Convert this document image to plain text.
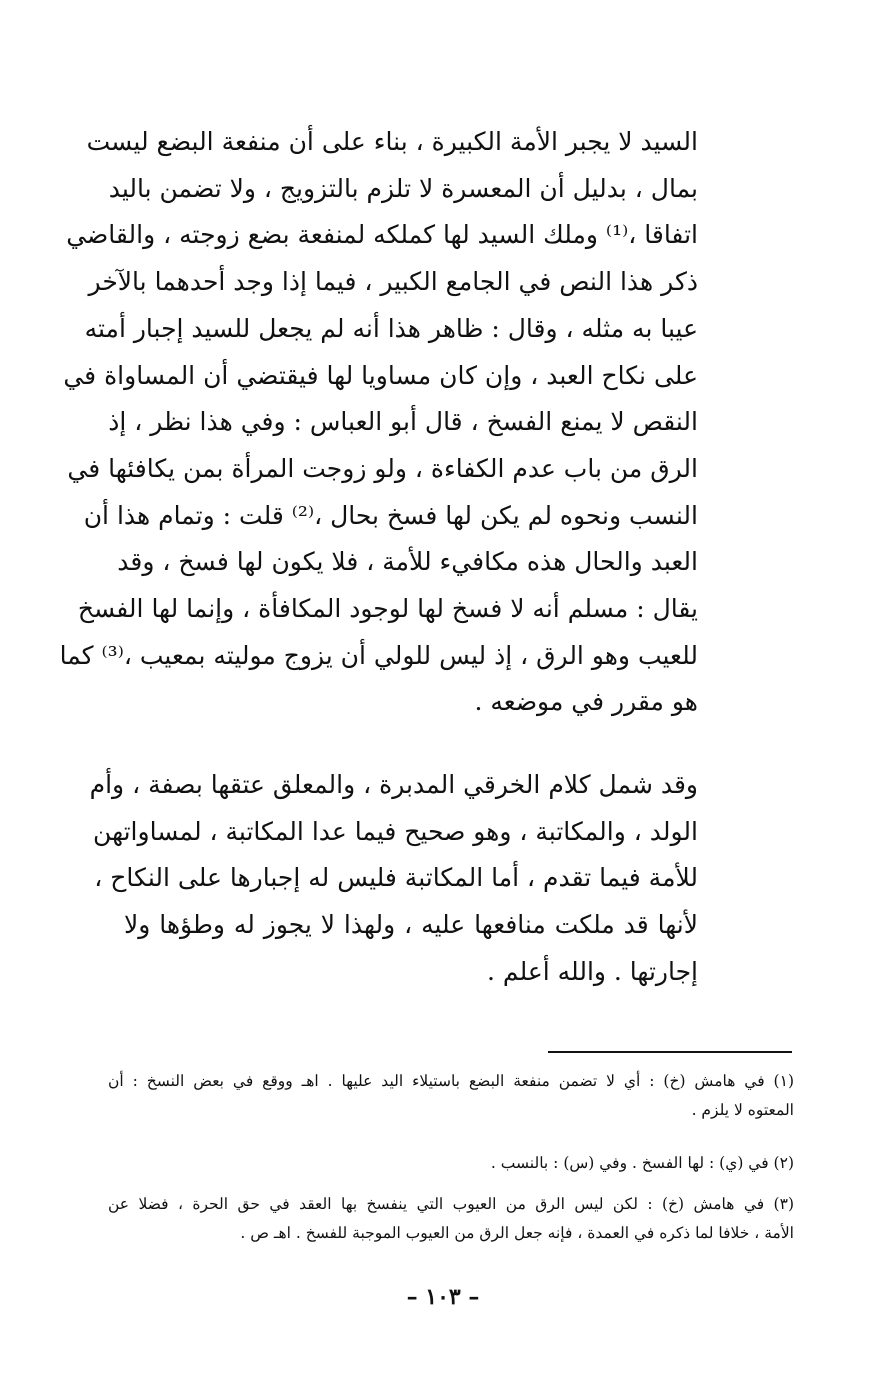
السيد لا يجبر الأمة الكبيرة ، بناء على أن منفعة البضع ليست
بمال ، بدليل أن المعسرة لا تلزم بالتزويج ، ولا تضمن باليد
اتفاقا ،⁽¹⁾ وملك السيد لها كملكه لمنفعة بضع زوجته ، والقاضي
ذكر هذا النص في الجامع الكبير ، فيما إذا وجد أحدهما بالآخر
عيبا به مثله ، وقال : ظاهر هذا أنه لم يجعل للسيد إجبار أمته
على نكاح العبد ، وإن كان مساويا لها فيقتضي أن المساواة في
النقص لا يمنع الفسخ ، قال أبو العباس : وفي هذا نظر ، إذ
الرق من باب عدم الكفاءة ، ولو زوجت المرأة بمن يكافئها في
النسب ونحوه لم يكن لها فسخ بحال ،⁽²⁾ قلت : وتمام هذا أن
العبد والحال هذه مكافيء للأمة ، فلا يكون لها فسخ ، وقد
يقال : مسلم أنه لا فسخ لها لوجود المكافأة ، وإنما لها الفسخ
للعيب وهو الرق ، إذ ليس للولي أن يزوج موليته بمعيب ،⁽³⁾ كما
هو مقرر في موضعه .
وقد شمل كلام الخرقي المدبرة ، والمعلق عتقها بصفة ، وأم
الولد ، والمكاتبة ، وهو صحيح فيما عدا المكاتبة ، لمساواتهن
للأمة فيما تقدم ، أما المكاتبة فليس له إجبارها على النكاح ،
لأنها قد ملكت منافعها عليه ، ولهذا لا يجوز له وطؤها ولا
إجارتها . والله أعلم .
(١) في هامش (خ) : أي لا تضمن منفعة البضع باستيلاء اليد عليها . اهـ ووقع في بعض النسخ : أن
المعتوه لا يلزم .
(٢) في (ي) : لها الفسخ . وفي (س) : بالنسب .
(٣) في هامش (خ) : لكن ليس الرق من العيوب التي ينفسخ بها العقد في حق الحرة ، فضلا عن
الأمة ، خلافا لما ذكره في العمدة ، فإنه جعل الرق من العيوب الموجبة للفسخ . اهـ ص .
– ١٠٣ –
